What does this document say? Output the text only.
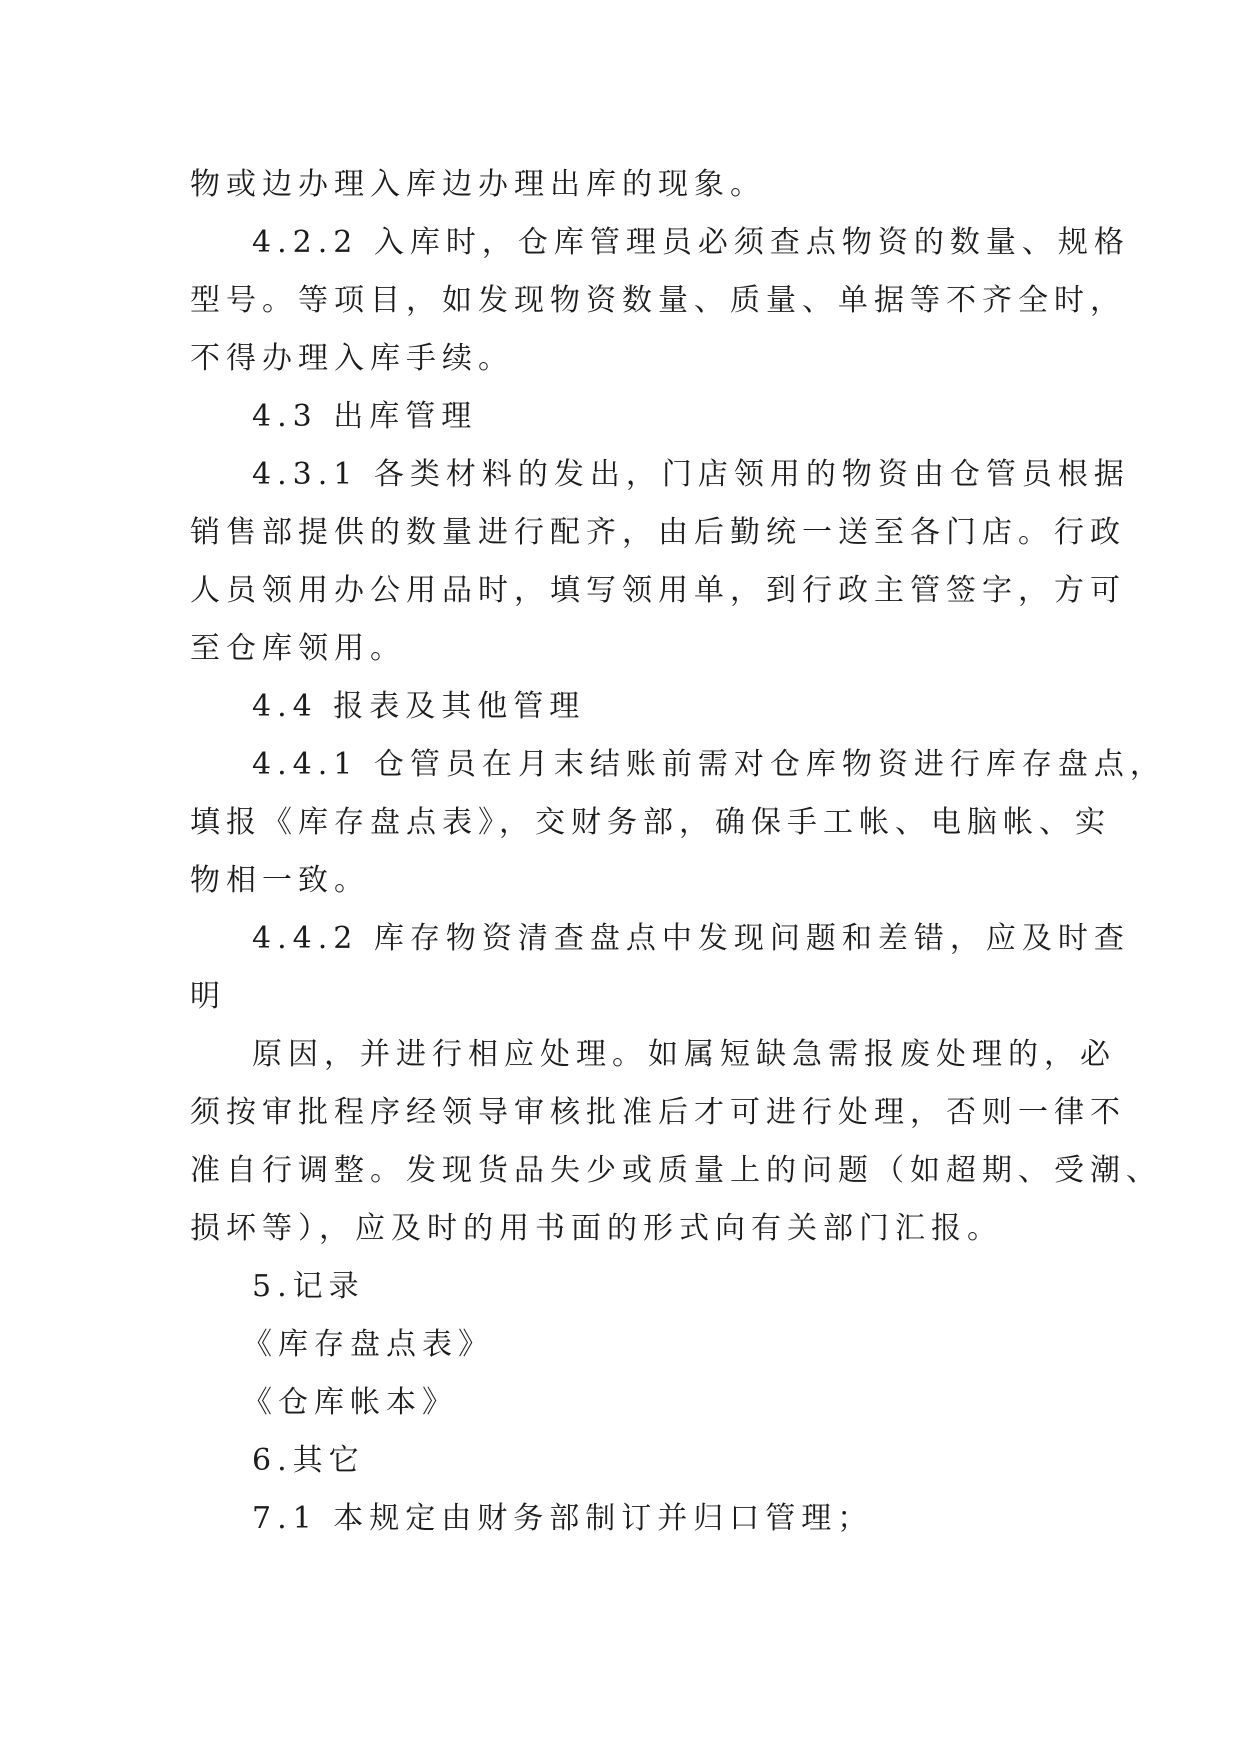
物或边办理入库边办理出库的现象。
4.2.2 入库时，仓库管理员必须查点物资的数量、规格
型号。等项目，如发现物资数量、质量、单据等不齐全时，
不得办理入库手续。
4.3 出库管理
4.3.1 各类材料的发出，门店领用的物资由仓管员根据
销售部提供的数量进行配齐，由后勤统一送至各门店。行政
人员领用办公用品时，填写领用单，到行政主管签字，方可
至仓库领用。
4.4 报表及其他管理
4.4.1 仓管员在月末结账前需对仓库物资进行库存盘点，
填报《库存盘点表》，交财务部，确保手工帐、电脑帐、实
物相一致。
4.4.2 库存物资清查盘点中发现问题和差错，应及时查
明
原因，并进行相应处理。如属短缺急需报废处理的，必
须按审批程序经领导审核批准后才可进行处理，否则一律不
准自行调整。发现货品失少或质量上的问题（如超期、受潮、
损坏等），应及时的用书面的形式向有关部门汇报。
5.记录
《库存盘点表》
《仓库帐本》
6.其它
7.1 本规定由财务部制订并归口管理；
